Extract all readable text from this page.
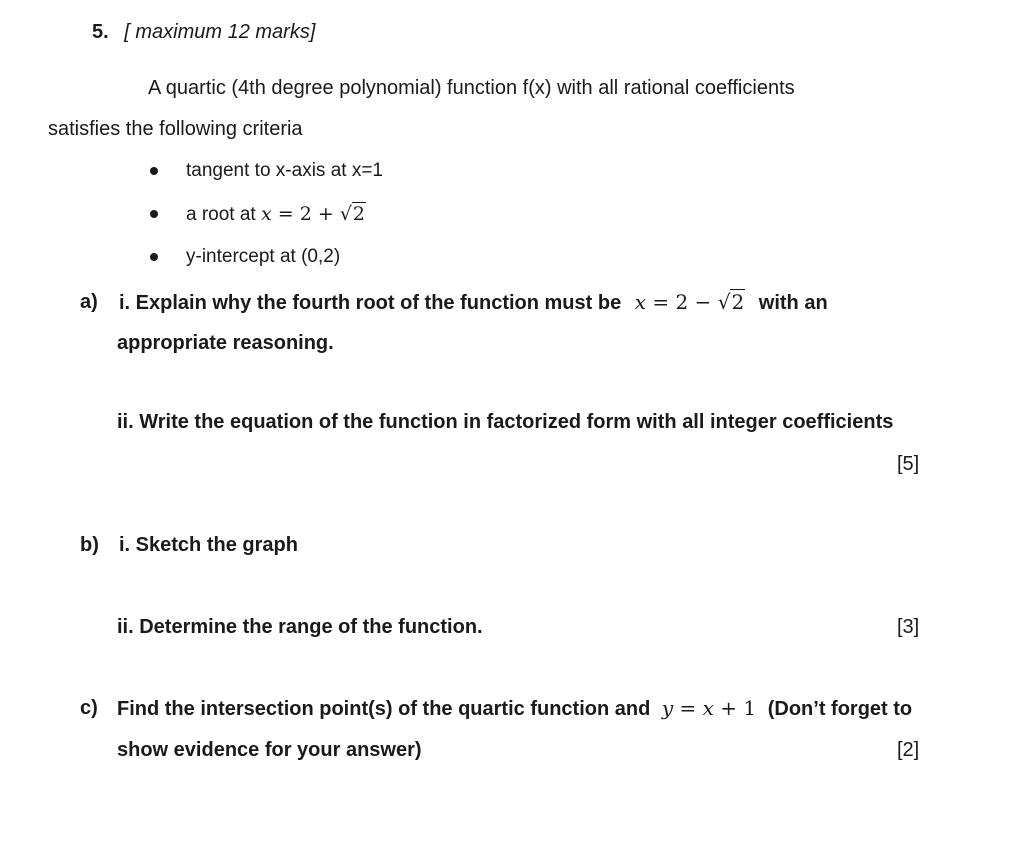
5. [ maximum 12 marks]
A quartic (4th degree polynomial) function f(x) with all rational coefficients
satisfies the following criteria
tangent to x-axis at x=1
a root at x = 2 + √2
y-intercept at (0,2)
a) i. Explain why the fourth root of the function must be x = 2 − √2 with an
appropriate reasoning.
ii. Write the equation of the function in factorized form with all integer coefficients
[5]
b) i. Sketch the graph
ii. Determine the range of the function.	[3]
c) Find the intersection point(s) of the quartic function and y = x + 1 (Don’t forget to
show evidence for your answer)	[2]
